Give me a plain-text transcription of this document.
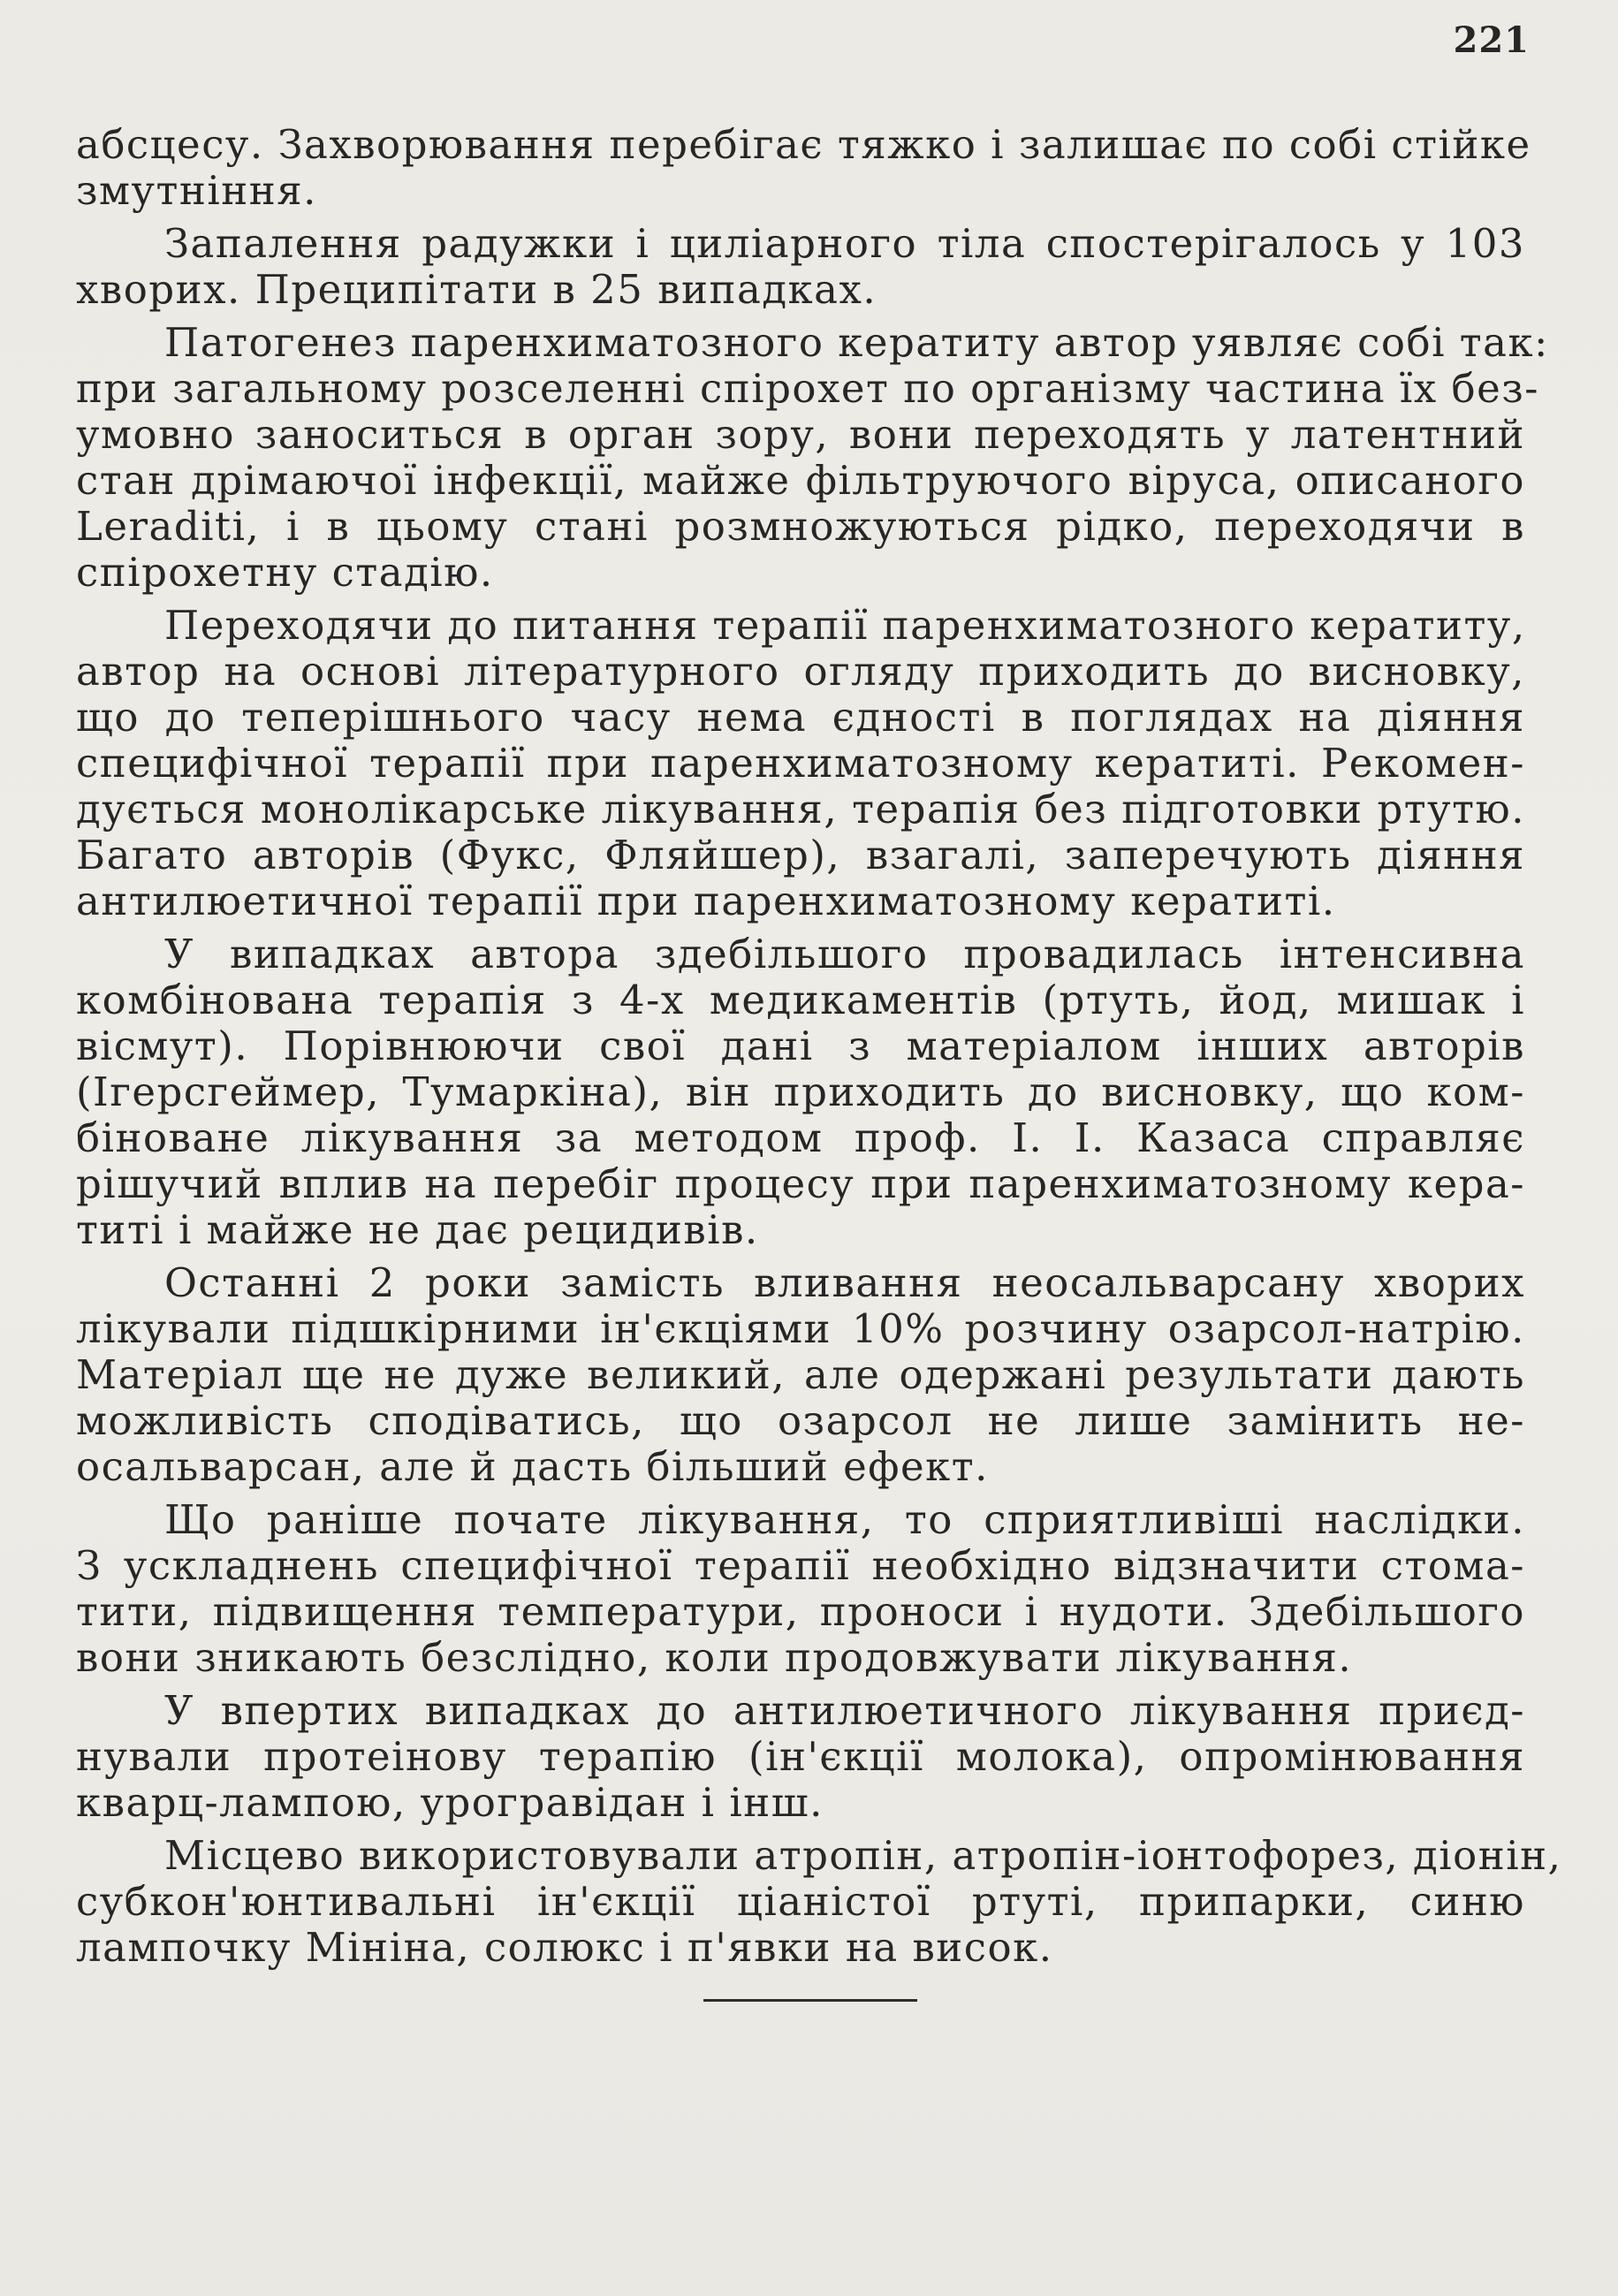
221
абсцесу. Захворювання перебігає тяжко і залишає по собі стійке
змутніння.
Запалення радужки і циліарного тіла спостерігалось у 103
хворих. Преципітати в 25 випадках.
Патогенез паренхиматозного кератиту автор уявляє собі так:
при загальному розселенні спірохет по організму частина їх без-
умовно заноситься в орган зору, вони переходять у латентний
стан дрімаючої інфекції, майже фільтруючого віруса, описаного
Leraditi, і в цьому стані розмножуються рідко, переходячи в
спірохетну стадію.
Переходячи до питання терапії паренхиматозного кератиту,
автор на основі літературного огляду приходить до висновку,
що до теперішнього часу нема єдності в поглядах на діяння
специфічної терапії при паренхиматозному кератиті. Рекомен-
дується монолікарське лікування, терапія без підготовки ртутю.
Багато авторів (Фукс, Фляйшер), взагалі, заперечують діяння
антилюетичної терапії при паренхиматозному кератиті.
У випадках автора здебільшого провадилась інтенсивна
комбінована терапія з 4-х медикаментів (ртуть, йод, мишак і
вісмут). Порівнюючи свої дані з матеріалом інших авторів
(Ігерсгеймер, Тумаркіна), він приходить до висновку, що ком-
біноване лікування за методом проф. І. І. Казаса справляє
рішучий вплив на перебіг процесу при паренхиматозному кера-
титі і майже не дає рецидивів.
Останні 2 роки замість вливання неосальварсану хворих
лікували підшкірними ін'єкціями 10% розчину озарсол-натрію.
Матеріал ще не дуже великий, але одержані результати дають
можливість сподіватись, що озарсол не лише замінить не-
осальварсан, але й дасть більший ефект.
Що раніше почате лікування, то сприятливіші наслідки.
З ускладнень специфічної терапії необхідно відзначити стома-
тити, підвищення температури, проноси і нудоти. Здебільшого
вони зникають безслідно, коли продовжувати лікування.
У впертих випадках до антилюетичного лікування приєд-
нували протеінову терапію (ін'єкції молока), опромінювання
кварц-лампою, урогравідан і інш.
Місцево використовували атропін, атропін-іонтофорез, діонін,
субкон'юнтивальні ін'єкції ціаністої ртуті, припарки, синю
лампочку Мініна, солюкс і п'явки на висок.
